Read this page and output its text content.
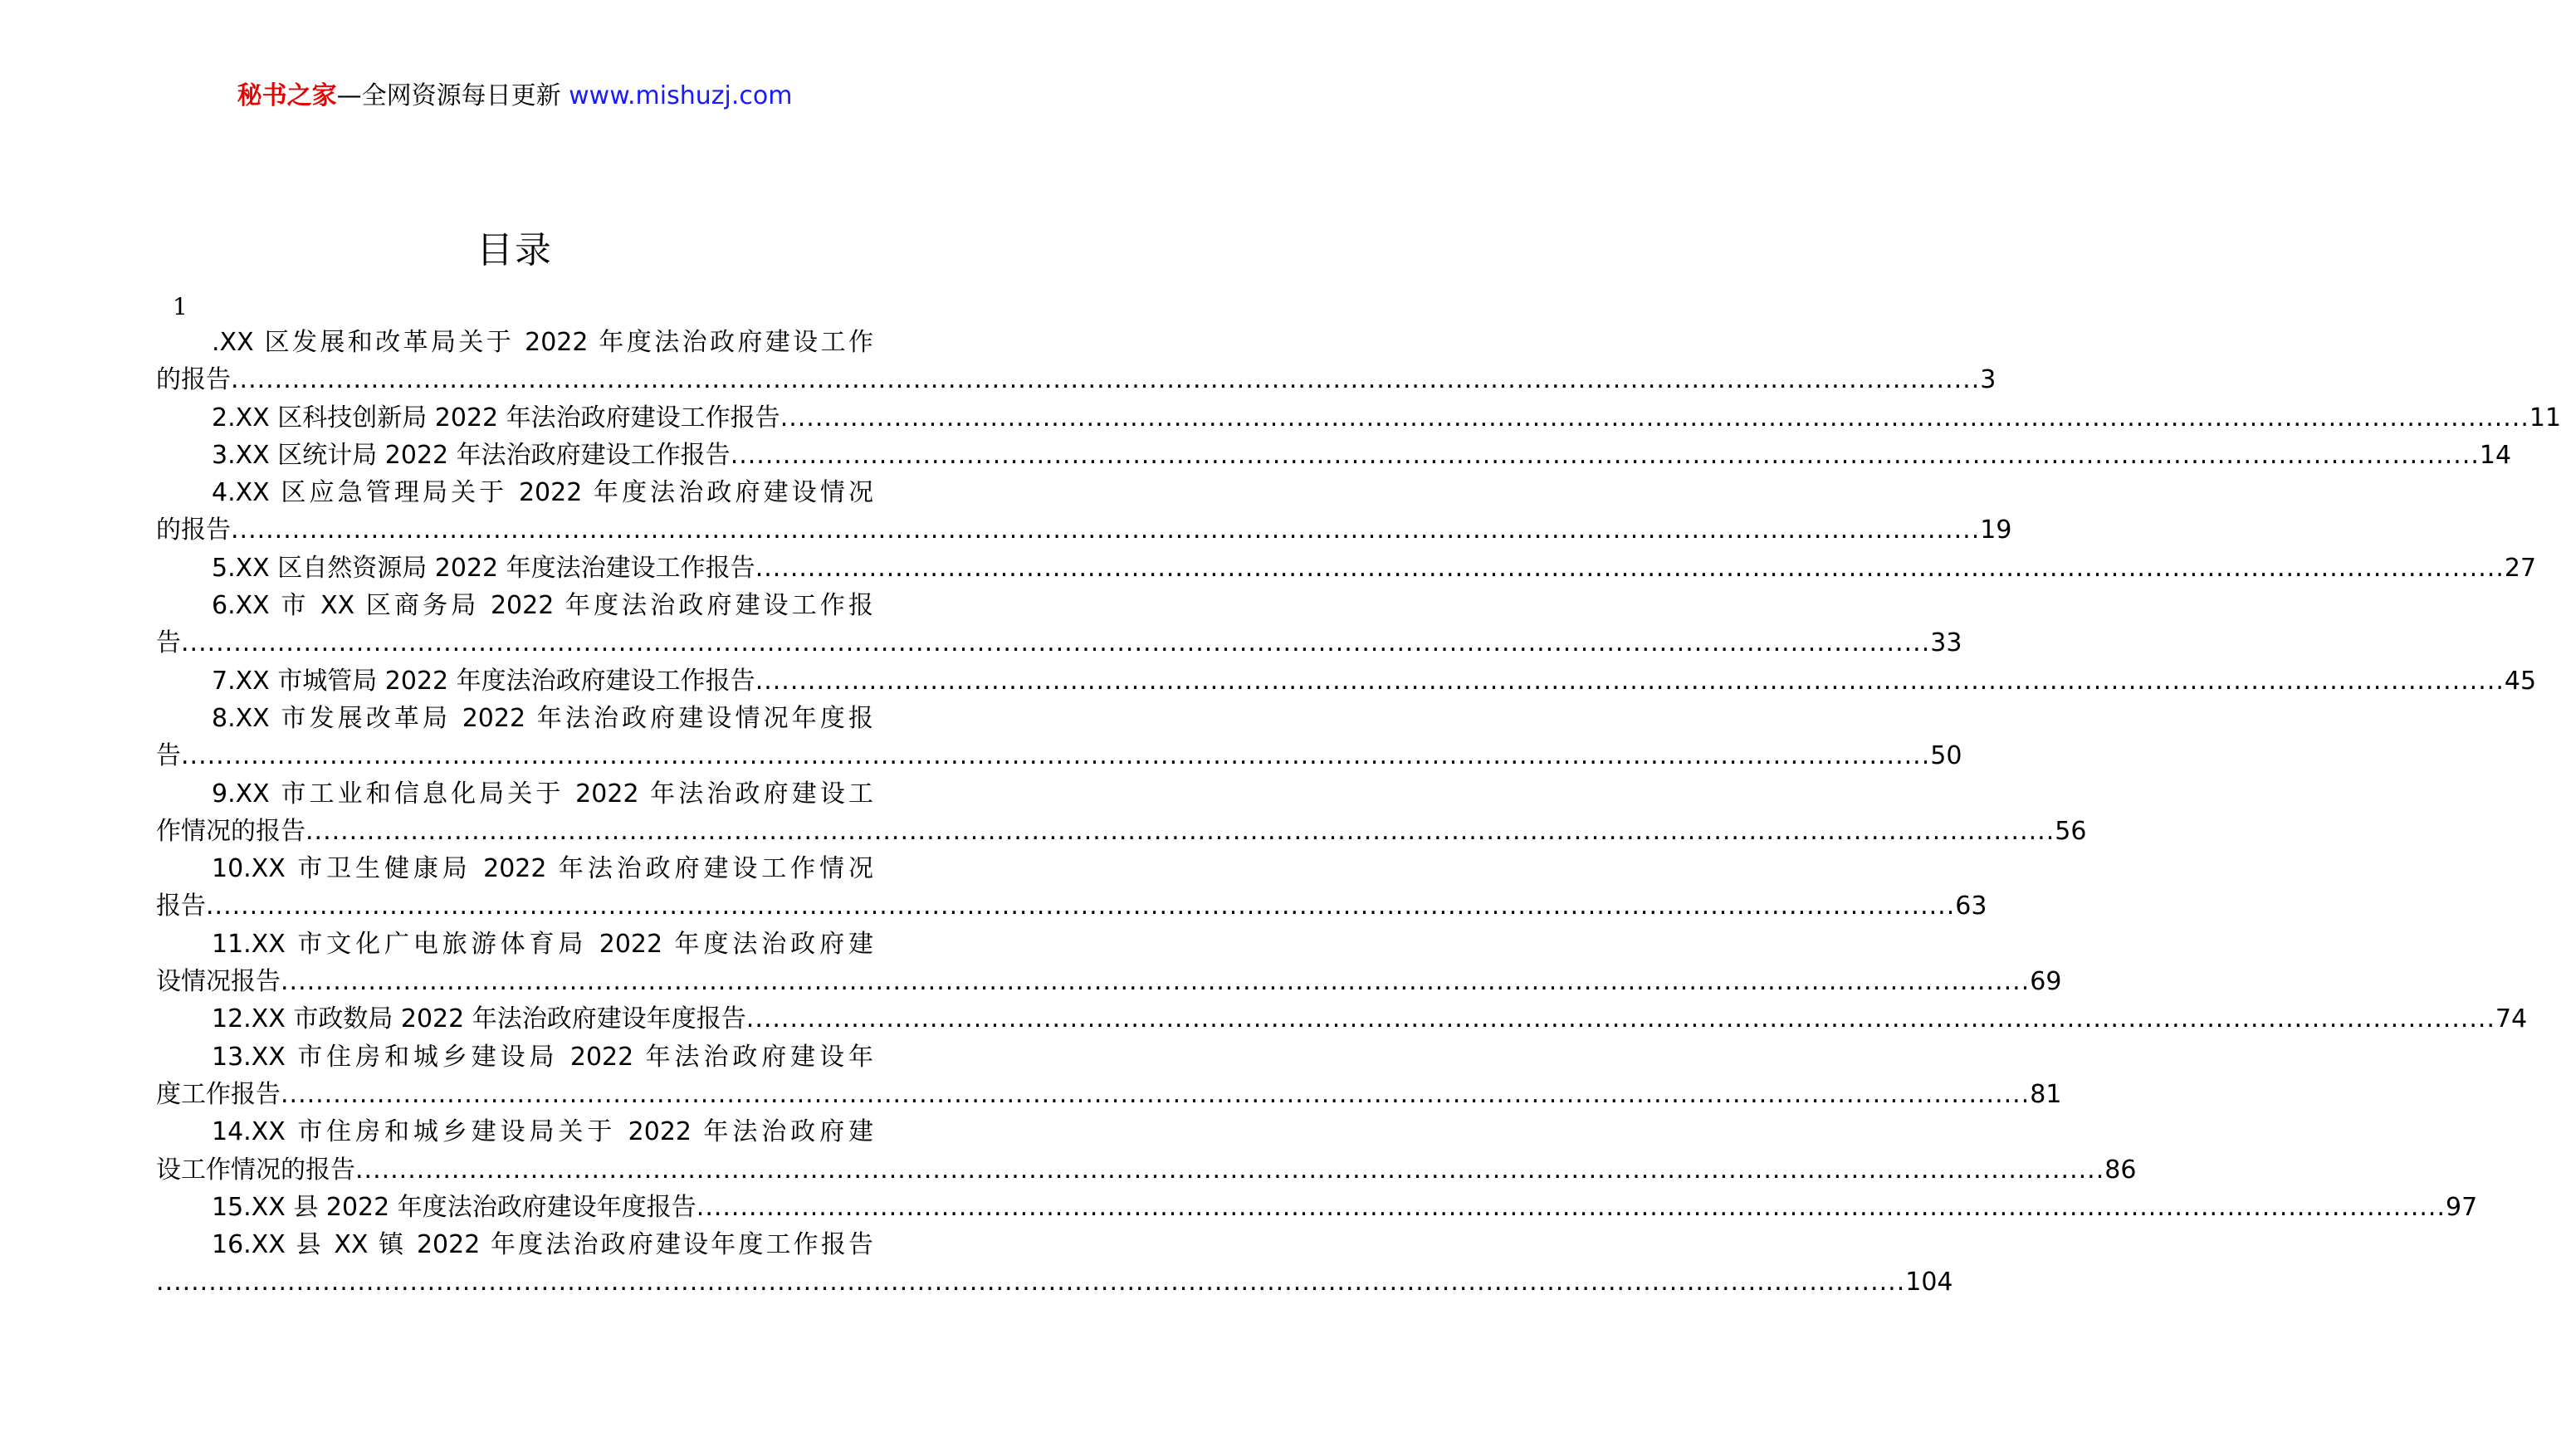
秘书之家—全网资源每日更新 www.mishuzj.com
目录
1
.XX 区发展和改革局关于 2022 年度法治政府建设工作
的报告 ........................................................................................................................................................................................................ 3
2.XX 区科技创新局 2022 年法治政府建设工作报告 ........................................................................................................................................................................................................ 11
3.XX 区统计局 2022 年法治政府建设工作报告 ........................................................................................................................................................................................................ 14
4.XX 区应急管理局关于 2022 年度法治政府建设情况
的报告 ........................................................................................................................................................................................................ 19
5.XX 区自然资源局 2022 年度法治建设工作报告 ........................................................................................................................................................................................................ 27
6.XX 市 XX 区商务局 2022 年度法治政府建设工作报
告 ........................................................................................................................................................................................................ 33
7.XX 市城管局 2022 年度法治政府建设工作报告 ........................................................................................................................................................................................................ 45
8.XX 市发展改革局 2022 年法治政府建设情况年度报
告 ........................................................................................................................................................................................................ 50
9.XX 市工业和信息化局关于 2022 年法治政府建设工
作情况的报告 ........................................................................................................................................................................................................ 56
10.XX 市卫生健康局 2022 年法治政府建设工作情况
报告 ........................................................................................................................................................................................................ 63
11.XX 市文化广电旅游体育局 2022 年度法治政府建
设情况报告 ........................................................................................................................................................................................................ 69
12.XX 市政数局 2022 年法治政府建设年度报告 ........................................................................................................................................................................................................ 74
13.XX 市住房和城乡建设局 2022 年法治政府建设年
度工作报告 ........................................................................................................................................................................................................ 81
14.XX 市住房和城乡建设局关于 2022 年法治政府建
设工作情况的报告 ........................................................................................................................................................................................................ 86
15.XX 县 2022 年度法治政府建设年度报告 ........................................................................................................................................................................................................ 97
16.XX 县 XX 镇 2022 年度法治政府建设年度工作报告
........................................................................................................................................................................................................ 104
